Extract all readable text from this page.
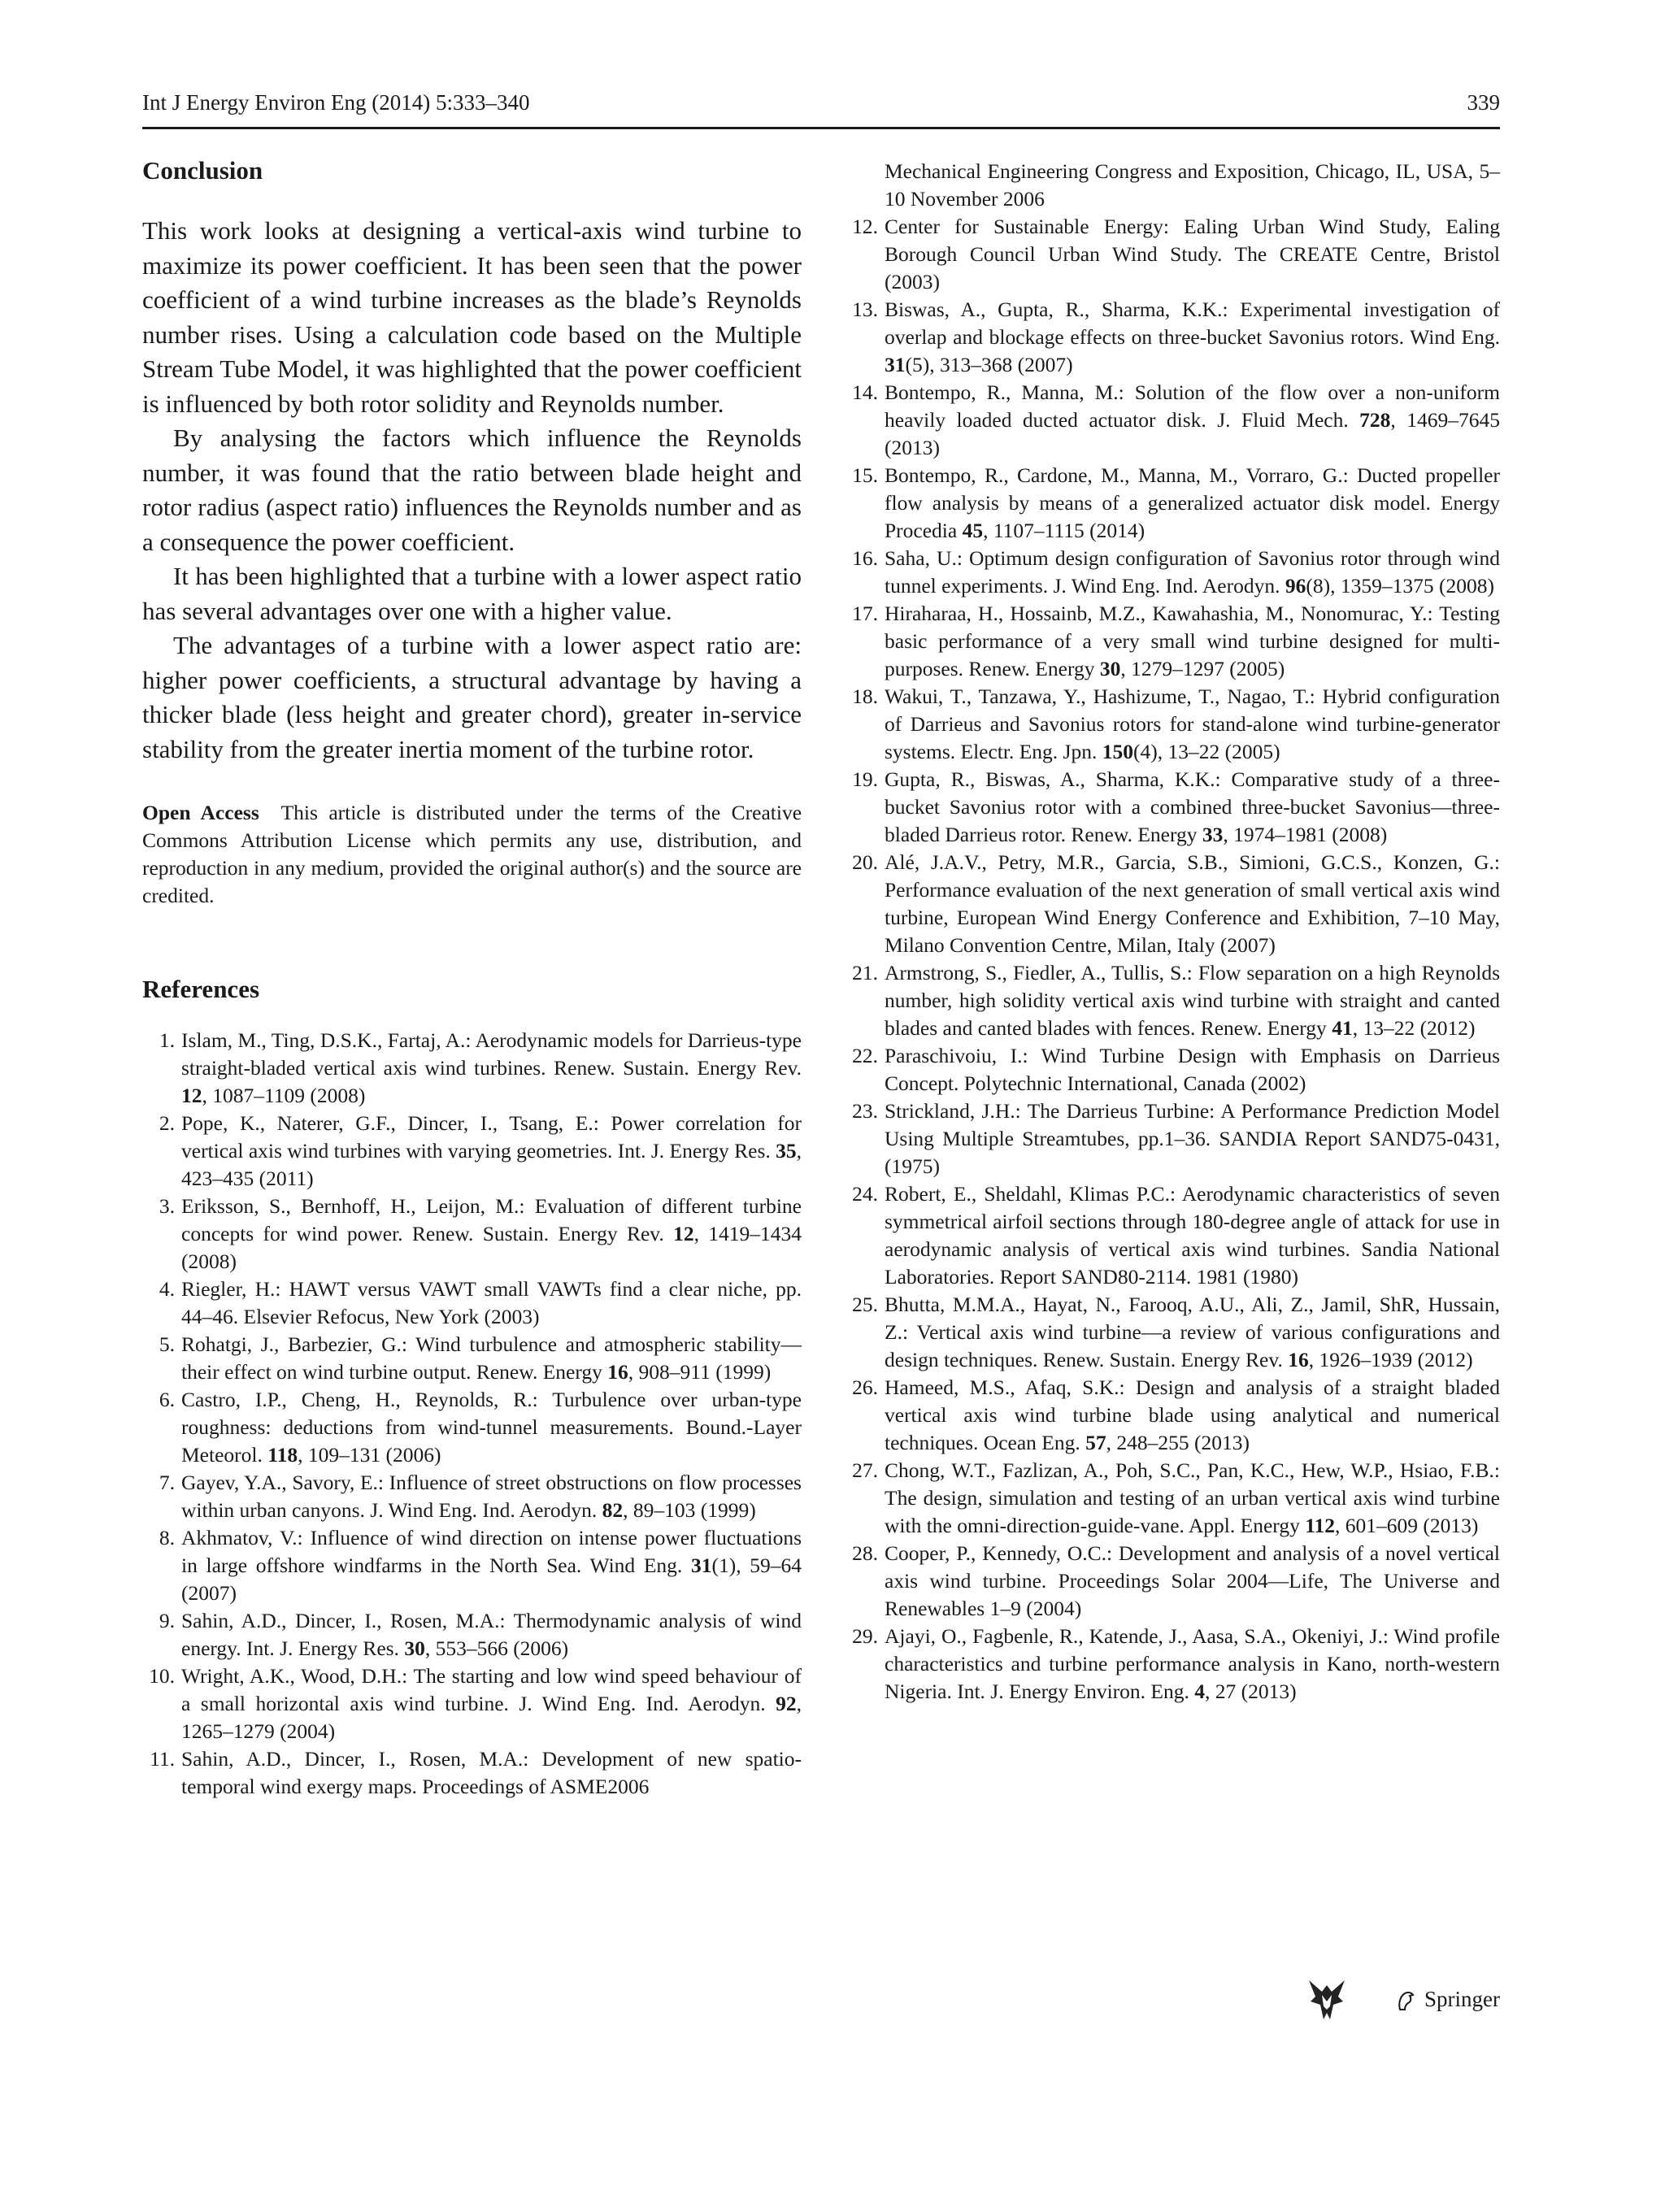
Int J Energy Environ Eng (2014) 5:333–340	339
Conclusion

This work looks at designing a vertical-axis wind turbine to maximize its power coefficient. It has been seen that the power coefficient of a wind turbine increases as the blade’s Reynolds number rises. Using a calculation code based on the Multiple Stream Tube Model, it was highlighted that the power coefficient is influenced by both rotor solidity and Reynolds number.

By analysing the factors which influence the Reynolds number, it was found that the ratio between blade height and rotor radius (aspect ratio) influences the Reynolds number and as a consequence the power coefficient.

It has been highlighted that a turbine with a lower aspect ratio has several advantages over one with a higher value.

The advantages of a turbine with a lower aspect ratio are: higher power coefficients, a structural advantage by having a thicker blade (less height and greater chord), greater in-service stability from the greater inertia moment of the turbine rotor.

Open Access This article is distributed under the terms of the Creative Commons Attribution License which permits any use, distribution, and reproduction in any medium, provided the original author(s) and the source are credited.

References
1. Islam, M., Ting, D.S.K., Fartaj, A.: Aerodynamic models for Darrieus-type straight-bladed vertical axis wind turbines. Renew. Sustain. Energy Rev. 12, 1087–1109 (2008)
2. Pope, K., Naterer, G.F., Dincer, I., Tsang, E.: Power correlation for vertical axis wind turbines with varying geometries. Int. J. Energy Res. 35, 423–435 (2011)
3. Eriksson, S., Bernhoff, H., Leijon, M.: Evaluation of different turbine concepts for wind power. Renew. Sustain. Energy Rev. 12, 1419–1434 (2008)
4. Riegler, H.: HAWT versus VAWT small VAWTs find a clear niche, pp. 44–46. Elsevier Refocus, New York (2003)
5. Rohatgi, J., Barbezier, G.: Wind turbulence and atmospheric stability—their effect on wind turbine output. Renew. Energy 16, 908–911 (1999)
6. Castro, I.P., Cheng, H., Reynolds, R.: Turbulence over urban-type roughness: deductions from wind-tunnel measurements. Bound.-Layer Meteorol. 118, 109–131 (2006)
7. Gayev, Y.A., Savory, E.: Influence of street obstructions on flow processes within urban canyons. J. Wind Eng. Ind. Aerodyn. 82, 89–103 (1999)
8. Akhmatov, V.: Influence of wind direction on intense power fluctuations in large offshore windfarms in the North Sea. Wind Eng. 31(1), 59–64 (2007)
9. Sahin, A.D., Dincer, I., Rosen, M.A.: Thermodynamic analysis of wind energy. Int. J. Energy Res. 30, 553–566 (2006)
10. Wright, A.K., Wood, D.H.: The starting and low wind speed behaviour of a small horizontal axis wind turbine. J. Wind Eng. Ind. Aerodyn. 92, 1265–1279 (2004)
11. Sahin, A.D., Dincer, I., Rosen, M.A.: Development of new spatio-temporal wind exergy maps. Proceedings of ASME2006
Mechanical Engineering Congress and Exposition, Chicago, IL, USA, 5–10 November 2006
12. Center for Sustainable Energy: Ealing Urban Wind Study, Ealing Borough Council Urban Wind Study. The CREATE Centre, Bristol (2003)
13. Biswas, A., Gupta, R., Sharma, K.K.: Experimental investigation of overlap and blockage effects on three-bucket Savonius rotors. Wind Eng. 31(5), 313–368 (2007)
14. Bontempo, R., Manna, M.: Solution of the flow over a non-uniform heavily loaded ducted actuator disk. J. Fluid Mech. 728, 1469–7645 (2013)
15. Bontempo, R., Cardone, M., Manna, M., Vorraro, G.: Ducted propeller flow analysis by means of a generalized actuator disk model. Energy Procedia 45, 1107–1115 (2014)
16. Saha, U.: Optimum design configuration of Savonius rotor through wind tunnel experiments. J. Wind Eng. Ind. Aerodyn. 96(8), 1359–1375 (2008)
17. Hiraharaa, H., Hossainb, M.Z., Kawahashia, M., Nonomurac, Y.: Testing basic performance of a very small wind turbine designed for multi-purposes. Renew. Energy 30, 1279–1297 (2005)
18. Wakui, T., Tanzawa, Y., Hashizume, T., Nagao, T.: Hybrid configuration of Darrieus and Savonius rotors for stand-alone wind turbine-generator systems. Electr. Eng. Jpn. 150(4), 13–22 (2005)
19. Gupta, R., Biswas, A., Sharma, K.K.: Comparative study of a three-bucket Savonius rotor with a combined three-bucket Savonius—three-bladed Darrieus rotor. Renew. Energy 33, 1974–1981 (2008)
20. Alé, J.A.V., Petry, M.R., Garcia, S.B., Simioni, G.C.S., Konzen, G.: Performance evaluation of the next generation of small vertical axis wind turbine, European Wind Energy Conference and Exhibition, 7–10 May, Milano Convention Centre, Milan, Italy (2007)
21. Armstrong, S., Fiedler, A., Tullis, S.: Flow separation on a high Reynolds number, high solidity vertical axis wind turbine with straight and canted blades and canted blades with fences. Renew. Energy 41, 13–22 (2012)
22. Paraschivoiu, I.: Wind Turbine Design with Emphasis on Darrieus Concept. Polytechnic International, Canada (2002)
23. Strickland, J.H.: The Darrieus Turbine: A Performance Prediction Model Using Multiple Streamtubes, pp.1–36. SANDIA Report SAND75-0431, (1975)
24. Robert, E., Sheldahl, Klimas P.C.: Aerodynamic characteristics of seven symmetrical airfoil sections through 180-degree angle of attack for use in aerodynamic analysis of vertical axis wind turbines. Sandia National Laboratories. Report SAND80-2114. 1981 (1980)
25. Bhutta, M.M.A., Hayat, N., Farooq, A.U., Ali, Z., Jamil, ShR, Hussain, Z.: Vertical axis wind turbine—a review of various configurations and design techniques. Renew. Sustain. Energy Rev. 16, 1926–1939 (2012)
26. Hameed, M.S., Afaq, S.K.: Design and analysis of a straight bladed vertical axis wind turbine blade using analytical and numerical techniques. Ocean Eng. 57, 248–255 (2013)
27. Chong, W.T., Fazlizan, A., Poh, S.C., Pan, K.C., Hew, W.P., Hsiao, F.B.: The design, simulation and testing of an urban vertical axis wind turbine with the omni-direction-guide-vane. Appl. Energy 112, 601–609 (2013)
28. Cooper, P., Kennedy, O.C.: Development and analysis of a novel vertical axis wind turbine. Proceedings Solar 2004—Life, The Universe and Renewables 1–9 (2004)
29. Ajayi, O., Fagbenle, R., Katende, J., Aasa, S.A., Okeniyi, J.: Wind profile characteristics and turbine performance analysis in Kano, north-western Nigeria. Int. J. Energy Environ. Eng. 4, 27 (2013)
Springer
